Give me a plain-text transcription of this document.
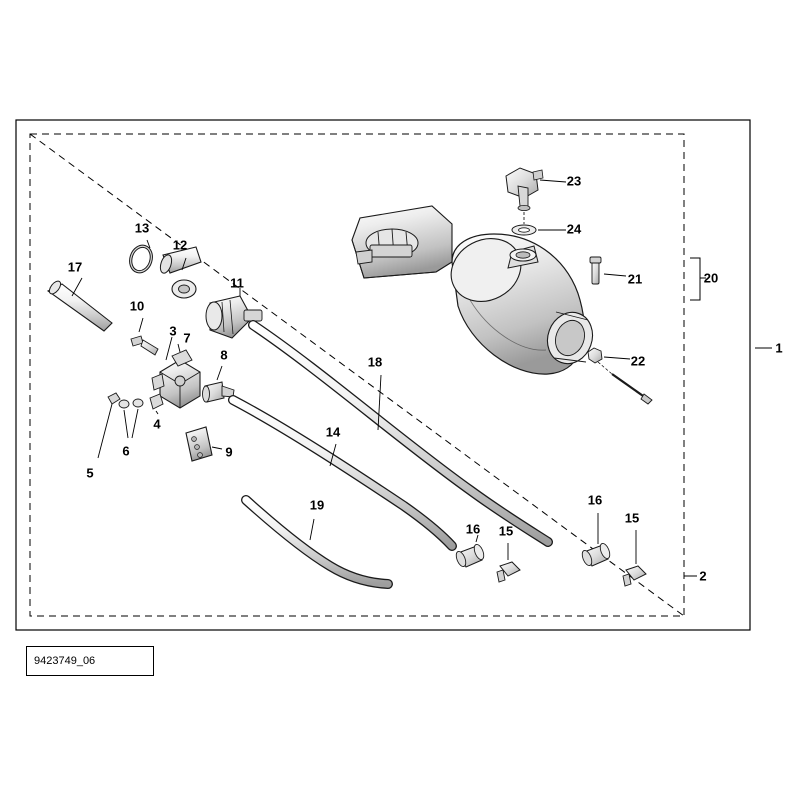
1
2
3
4
5
6
7
8
9
10
11
12
13
14
15
15
16
16
17
18
19
20
21
22
23
24
9423749_06
